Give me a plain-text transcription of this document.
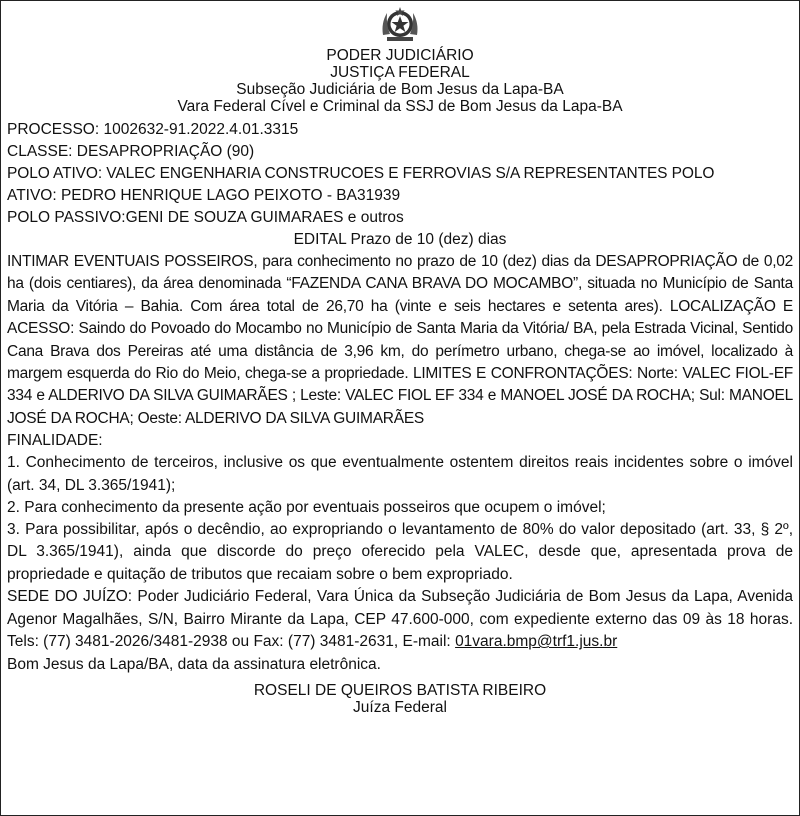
PODER JUDICIÁRIO
JUSTIÇA FEDERAL
Subseção Judiciária de Bom Jesus da Lapa-BA
Vara Federal Cível e Criminal da SSJ de Bom Jesus da Lapa-BA
PROCESSO: 1002632-91.2022.4.01.3315
CLASSE: DESAPROPRIAÇÃO (90)
POLO ATIVO: VALEC ENGENHARIA CONSTRUCOES E FERROVIAS S/A REPRESENTANTES POLO
ATIVO: PEDRO HENRIQUE LAGO PEIXOTO - BA31939
POLO PASSIVO:GENI DE SOUZA GUIMARAES e outros
EDITAL Prazo de 10 (dez) dias

INTIMAR EVENTUAIS POSSEIROS, para conhecimento no prazo de 10 (dez) dias da DESAPROPRIAÇÃO de 0,02 ha (dois centiares), da área denominada “FAZENDA CANA BRAVA DO MOCAMBO”, situada no Município de Santa Maria da Vitória – Bahia. Com área total de 26,70 ha (vinte e seis hectares e setenta ares). LOCALIZAÇÃO E ACESSO: Saindo do Povoado do Mocambo no Município de Santa Maria da Vitória/ BA, pela Estrada Vicinal, Sentido Cana Brava dos Pereiras até uma distância de 3,96 km, do perímetro urbano, chega-se ao imóvel, localizado à margem esquerda do Rio do Meio, chega-se a propriedade. LIMITES E CONFRONTAÇÕES: Norte: VALEC FIOL-EF 334 e ALDERIVO DA SILVA GUIMARÃES ; Leste: VALEC FIOL EF 334 e MANOEL JOSÉ DA ROCHA; Sul: MANOEL JOSÉ DA ROCHA; Oeste: ALDERIVO DA SILVA GUIMARÃES

FINALIDADE:

1. Conhecimento de terceiros, inclusive os que eventualmente ostentem direitos reais incidentes sobre o imóvel (art. 34, DL 3.365/1941);

2. Para conhecimento da presente ação por eventuais posseiros que ocupem o imóvel;

3. Para possibilitar, após o decêndio, ao expropriando o levantamento de 80% do valor depositado (art. 33, § 2º, DL 3.365/1941), ainda que discorde do preço oferecido pela VALEC, desde que, apresentada prova de propriedade e quitação de tributos que recaiam sobre o bem expropriado.

SEDE DO JUÍZO: Poder Judiciário Federal, Vara Única da Subseção Judiciária de Bom Jesus da Lapa, Avenida Agenor Magalhães, S/N, Bairro Mirante da Lapa, CEP 47.600-000, com expediente externo das 09 às 18 horas. Tels: (77) 3481-2026/3481-2938 ou Fax: (77) 3481-2631, E-mail: 01vara.bmp@trf1.jus.br

Bom Jesus da Lapa/BA, data da assinatura eletrônica.
ROSELI DE QUEIROS BATISTA RIBEIRO
Juíza Federal
